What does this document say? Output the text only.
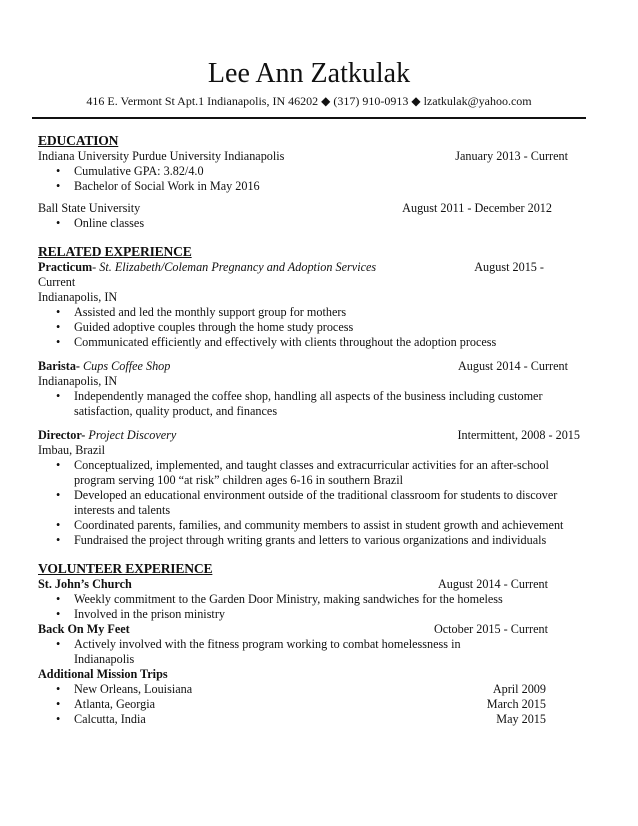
Lee Ann Zatkulak
416 E. Vermont St Apt.1 Indianapolis, IN 46202 ◆ (317) 910-0913 ◆ lzatkulak@yahoo.com
EDUCATION
Indiana University Purdue University Indianapolis	January 2013 - Current
• Cumulative GPA: 3.82/4.0
• Bachelor of Social Work in May 2016
Ball State University	August 2011 - December 2012
• Online classes
RELATED EXPERIENCE
Practicum- St. Elizabeth/Coleman Pregnancy and Adoption Services	August 2015 -
Current
Indianapolis, IN
• Assisted and led the monthly support group for mothers
• Guided adoptive couples through the home study process
• Communicated efficiently and effectively with clients throughout the adoption process
Barista- Cups Coffee Shop	August 2014 - Current
Indianapolis, IN
• Independently managed the coffee shop, handling all aspects of the business including customer satisfaction, quality product, and finances
Director- Project Discovery	Intermittent, 2008 - 2015
Imbau, Brazil
• Conceptualized, implemented, and taught classes and extracurricular activities for an after-school program serving 100 “at risk” children ages 6-16 in southern Brazil
• Developed an educational environment outside of the traditional classroom for students to discover interests and talents
• Coordinated parents, families, and community members to assist in student growth and achievement
• Fundraised the project through writing grants and letters to various organizations and individuals
VOLUNTEER EXPERIENCE
St. John’s Church	August 2014 - Current
• Weekly commitment to the Garden Door Ministry, making sandwiches for the homeless
• Involved in the prison ministry
Back On My Feet	October 2015 - Current
• Actively involved with the fitness program working to combat homelessness in Indianapolis
Additional Mission Trips
• New Orleans, Louisiana	April 2009
• Atlanta, Georgia	March 2015
• Calcutta, India	May 2015
